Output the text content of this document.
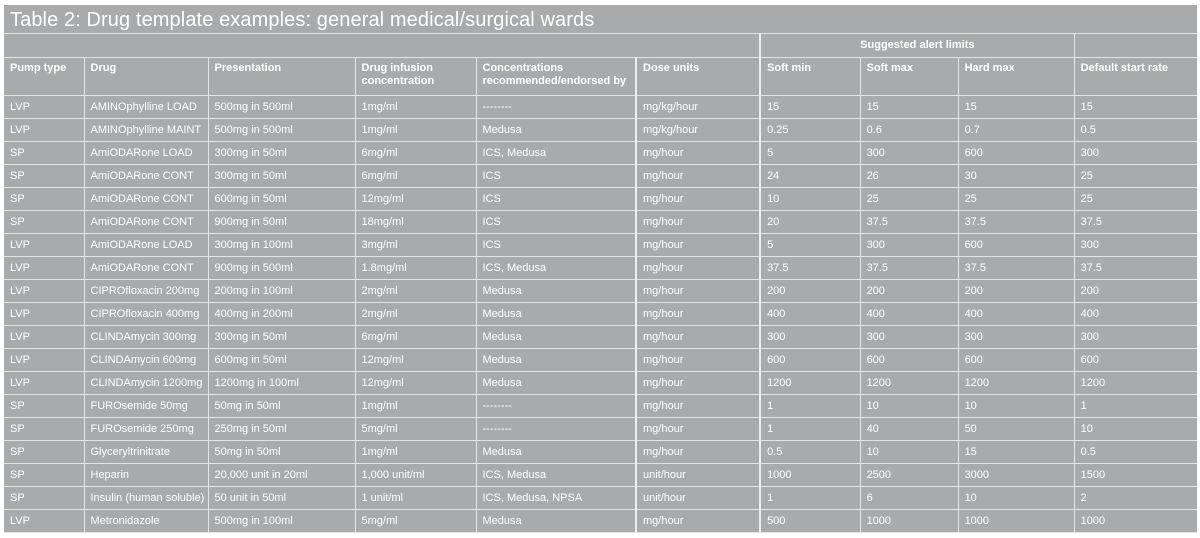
Table 2: Drug template examples: general medical/surgical wards
						Suggested alert limits			
Pump type	Drug	Presentation	Drug infusion concentration	Concentrations recommended/endorsed by	Dose units	Soft min	Soft max	Hard max	Default start rate
LVP	AMINOphylline LOAD	500mg in 500ml	1mg/ml	--------	mg/kg/hour	15	15	15	15
LVP	AMINOphylline MAINT	500mg in 500ml	1mg/ml	Medusa	mg/kg/hour	0.25	0.6	0.7	0.5
SP	AmiODARone LOAD	300mg in 50ml	6mg/ml	ICS, Medusa	mg/hour	5	300	600	300
SP	AmiODARone CONT	300mg in 50ml	6mg/ml	ICS	mg/hour	24	26	30	25
SP	AmiODARone CONT	600mg in 50ml	12mg/ml	ICS	mg/hour	10	25	25	25
SP	AmiODARone CONT	900mg in 50ml	18mg/ml	ICS	mg/hour	20	37.5	37.5	37.5
LVP	AmiODARone LOAD	300mg in 100ml	3mg/ml	ICS	mg/hour	5	300	600	300
LVP	AmiODARone CONT	900mg in 500ml	1.8mg/ml	ICS, Medusa	mg/hour	37.5	37.5	37.5	37.5
LVP	CIPROfloxacin 200mg	200mg in 100ml	2mg/ml	Medusa	mg/hour	200	200	200	200
LVP	CIPROfloxacin 400mg	400mg in 200ml	2mg/ml	Medusa	mg/hour	400	400	400	400
LVP	CLINDAmycin 300mg	300mg in 50ml	6mg/ml	Medusa	mg/hour	300	300	300	300
LVP	CLINDAmycin 600mg	600mg in 50ml	12mg/ml	Medusa	mg/hour	600	600	600	600
LVP	CLINDAmycin 1200mg	1200mg in 100ml	12mg/ml	Medusa	mg/hour	1200	1200	1200	1200
SP	FUROsemide 50mg	50mg in 50ml	1mg/ml	--------	mg/hour	1	10	10	1
SP	FUROsemide 250mg	250mg in 50ml	5mg/ml	--------	mg/hour	1	40	50	10
SP	Glyceryltrinitrate	50mg in 50ml	1mg/ml	Medusa	mg/hour	0.5	10	15	0.5
SP	Heparin	20,000 unit in 20ml	1,000 unit/ml	ICS, Medusa	unit/hour	1000	2500	3000	1500
SP	Insulin (human soluble)	50 unit in 50ml	1 unit/ml	ICS, Medusa, NPSA	unit/hour	1	6	10	2
LVP	Metronidazole	500mg in 100ml	5mg/ml	Medusa	mg/hour	500	1000	1000	1000
